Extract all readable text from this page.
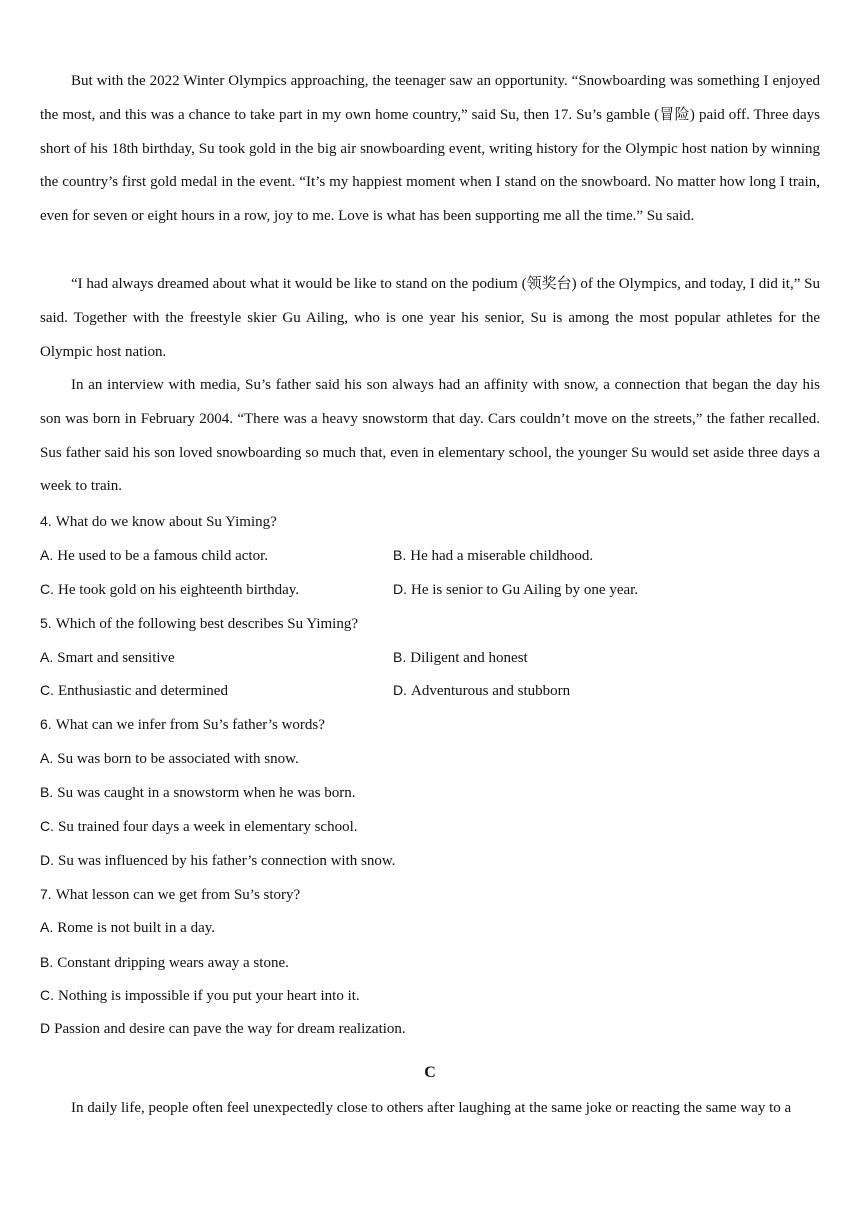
But with the 2022 Winter Olympics approaching, the teenager saw an opportunity. “Snowboarding was something I enjoyed the most, and this was a chance to take part in my own home country,” said Su, then 17. Su’s gamble (冒险) paid off. Three days short of his 18th birthday, Su took gold in the big air snowboarding event, writing history for the Olympic host nation by winning the country’s first gold medal in the event. “It’s my happiest moment when I stand on the snowboard. No matter how long I train, even for seven or eight hours in a row, joy to me. Love is what has been supporting me all the time.” Su said.

“I had always dreamed about what it would be like to stand on the podium (领奖台) of the Olympics, and today, I did it,” Su said. Together with the freestyle skier Gu Ailing, who is one year his senior, Su is among the most popular athletes for the Olympic host nation.

In an interview with media, Su’s father said his son always had an affinity with snow, a connection that began the day his son was born in February 2004. “There was a heavy snowstorm that day. Cars couldn’t move on the streets,” the father recalled. Sus father said his son loved snowboarding so much that, even in elementary school, the younger Su would set aside three days a week to train.

4. What do we know about Su Yiming?
A. He used to be a famous child actor.	B. He had a miserable childhood.
C. He took gold on his eighteenth birthday.	D. He is senior to Gu Ailing by one year.
5. Which of the following best describes Su Yiming?
A. Smart and sensitive	B. Diligent and honest
C. Enthusiastic and determined	D. Adventurous and stubborn
6. What can we infer from Su’s father’s words?
A. Su was born to be associated with snow.
B. Su was caught in a snowstorm when he was born.
C. Su trained four days a week in elementary school.
D. Su was influenced by his father’s connection with snow.
7. What lesson can we get from Su’s story?
A. Rome is not built in a day.
B. Constant dripping wears away a stone.
C. Nothing is impossible if you put your heart into it.
D Passion and desire can pave the way for dream realization.
C
In daily life, people often feel unexpectedly close to others after laughing at the same joke or reacting the same way to a
